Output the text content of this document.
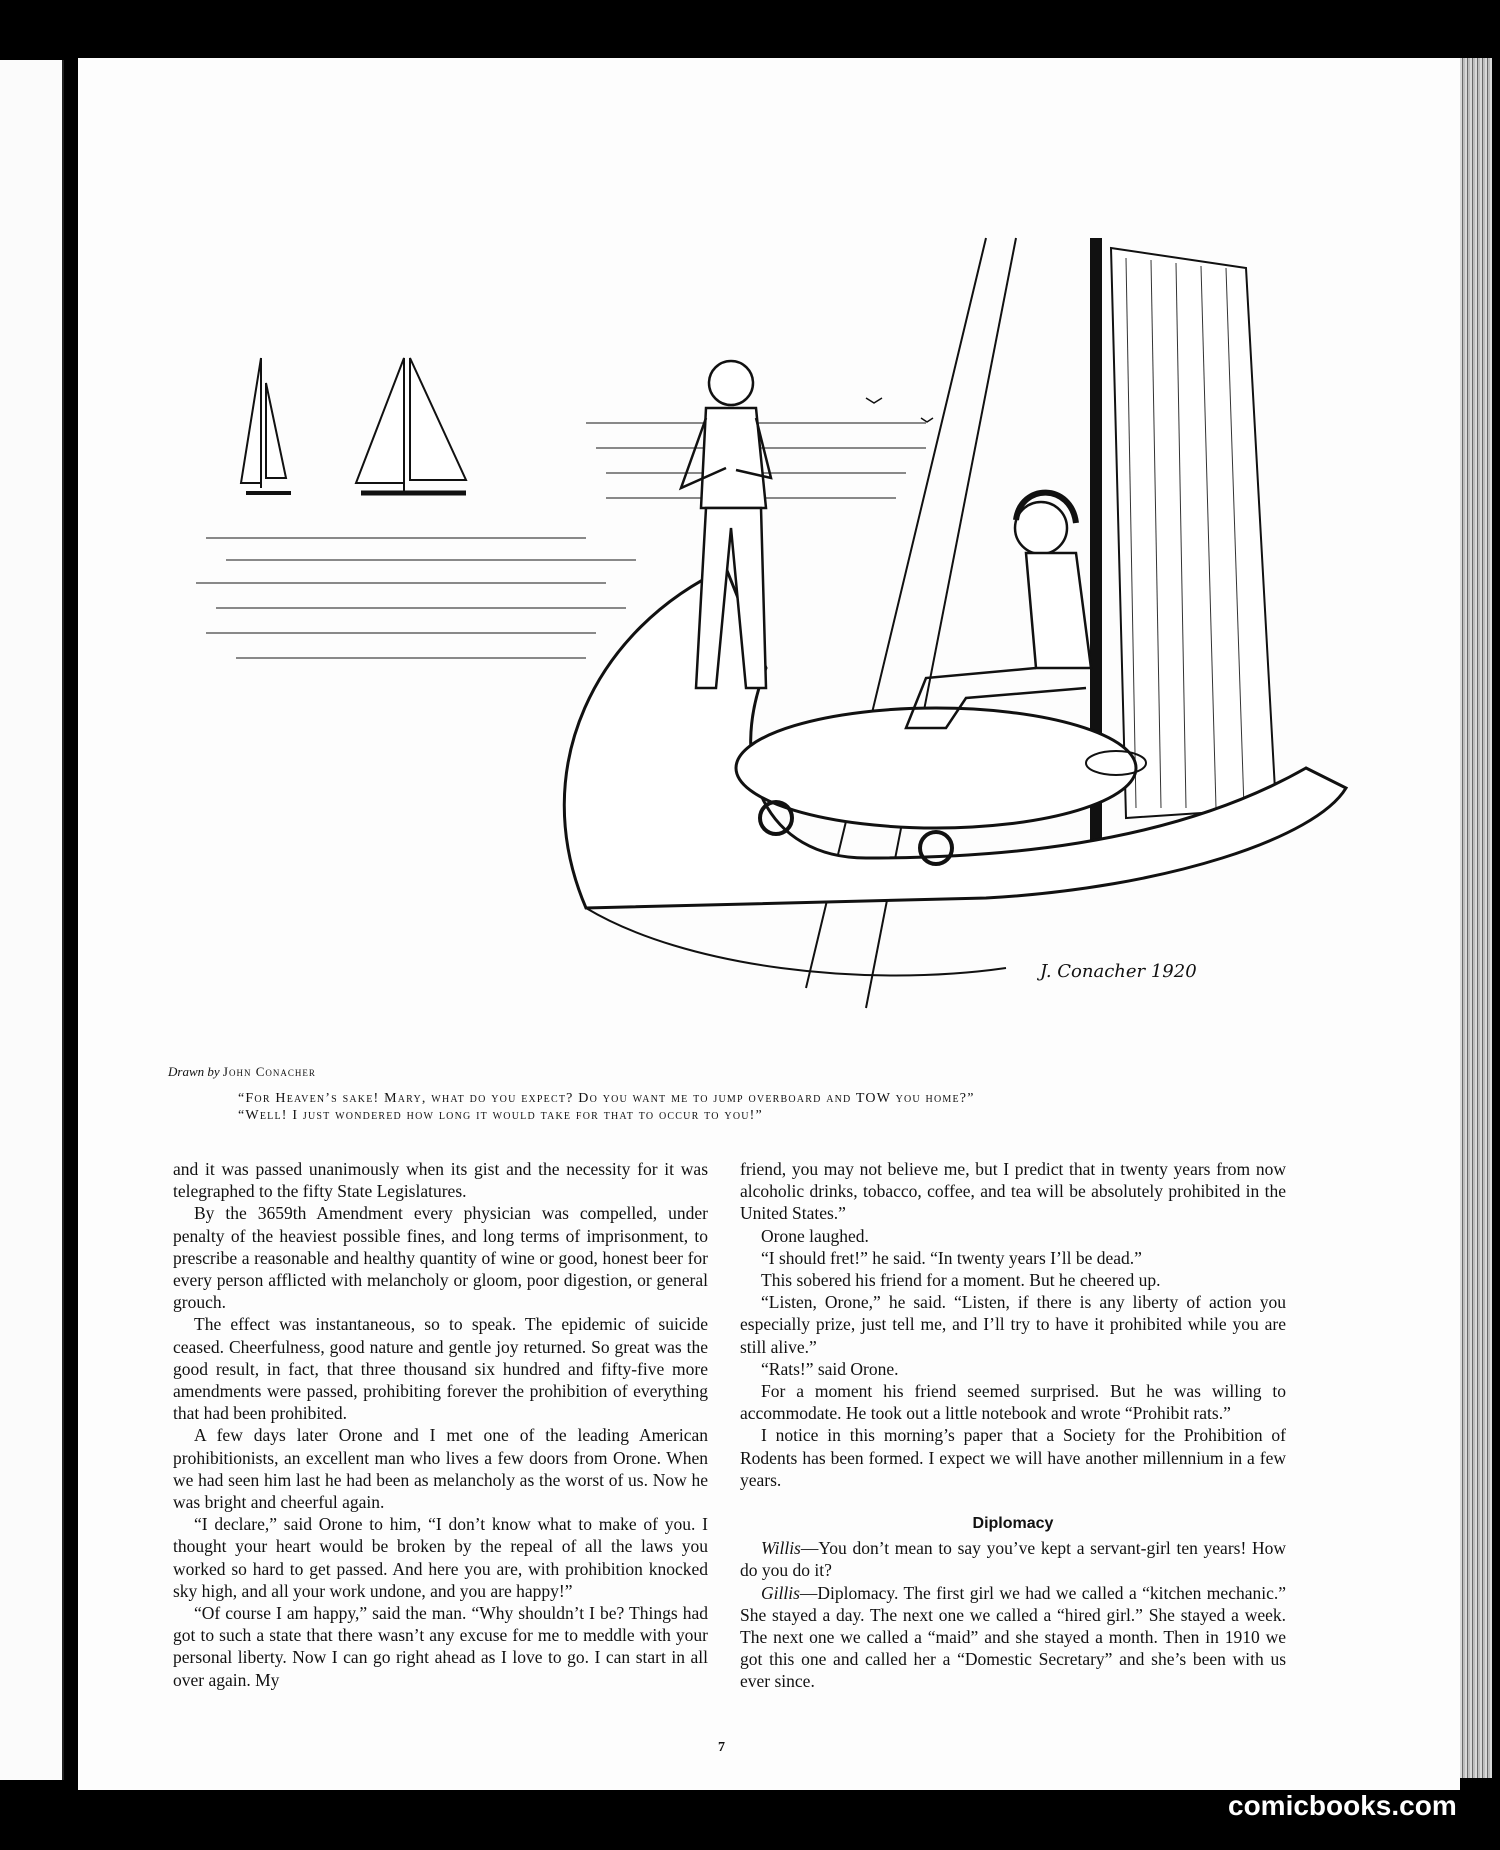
J. Conacher 1920
Drawn by John Conacher
“For Heaven’s sake! Mary, what do you expect? Do you want me to jump overboard and TOW you home?”
“Well! I just wondered how long it would take for that to occur to you!”

and it was passed unanimously when its gist and the necessity for it was telegraphed to the fifty State Legislatures.

By the 3659th Amendment every physician was compelled, under penalty of the heaviest possible fines, and long terms of imprisonment, to prescribe a reasonable and healthy quantity of wine or good, honest beer for every person afflicted with melancholy or gloom, poor digestion, or general grouch.

The effect was instantaneous, so to speak. The epidemic of suicide ceased. Cheerfulness, good nature and gentle joy returned. So great was the good result, in fact, that three thousand six hundred and fifty-five more amendments were passed, prohibiting forever the prohibition of everything that had been prohibited.

A few days later Orone and I met one of the leading American prohibitionists, an excellent man who lives a few doors from Orone. When we had seen him last he had been as melancholy as the worst of us. Now he was bright and cheerful again.

“I declare,” said Orone to him, “I don’t know what to make of you. I thought your heart would be broken by the repeal of all the laws you worked so hard to get passed. And here you are, with prohibition knocked sky high, and all your work undone, and you are happy!”

“Of course I am happy,” said the man. “Why shouldn’t I be? Things had got to such a state that there wasn’t any excuse for me to meddle with your personal liberty. Now I can go right ahead as I love to go. I can start in all over again. My

friend, you may not believe me, but I predict that in twenty years from now alcoholic drinks, tobacco, coffee, and tea will be absolutely prohibited in the United States.”

Orone laughed.

“I should fret!” he said. “In twenty years I’ll be dead.”

This sobered his friend for a moment. But he cheered up.

“Listen, Orone,” he said. “Listen, if there is any liberty of action you especially prize, just tell me, and I’ll try to have it prohibited while you are still alive.”

“Rats!” said Orone.

For a moment his friend seemed surprised. But he was willing to accommodate. He took out a little notebook and wrote “Prohibit rats.”

I notice in this morning’s paper that a Society for the Prohibition of Rodents has been formed. I expect we will have another millennium in a few years.

Diplomacy

Willis—You don’t mean to say you’ve kept a servant-girl ten years! How do you do it?

Gillis—Diplomacy. The first girl we had we called a “kitchen mechanic.” She stayed a day. The next one we called a “hired girl.” She stayed a week. The next one we called a “maid” and she stayed a month. Then in 1910 we got this one and called her a “Domestic Secretary” and she’s been with us ever since.

7
comicbooks.com
